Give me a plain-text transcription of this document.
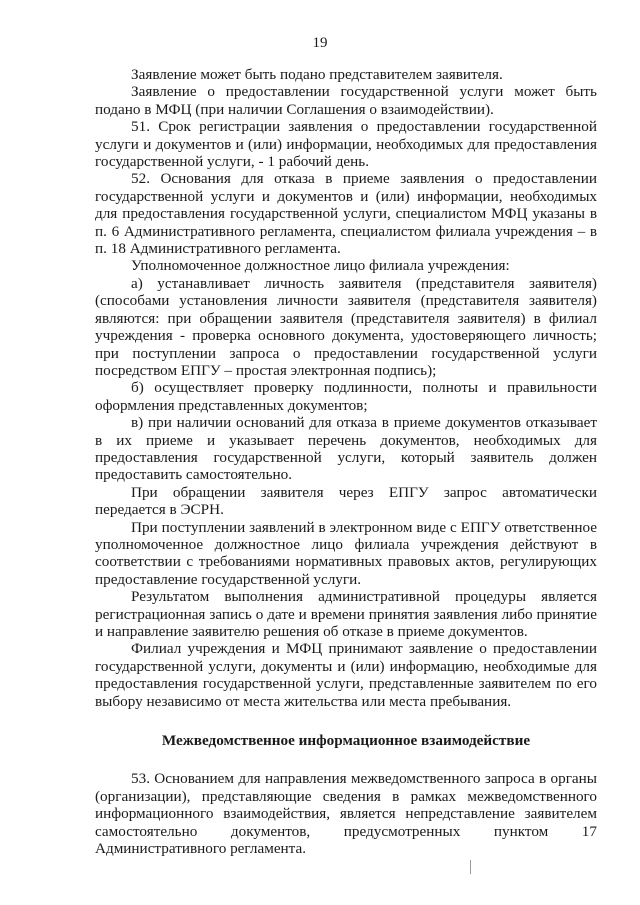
19

Заявление может быть подано представителем заявителя.

Заявление о предоставлении государственной услуги может быть подано в МФЦ (при наличии Соглашения о взаимодействии).

51. Срок регистрации заявления о предоставлении государственной услуги и документов и (или) информации, необходимых для предоставления государственной услуги, - 1 рабочий день.

52. Основания для отказа в приеме заявления о предоставлении государственной услуги и документов и (или) информации, необходимых для предоставления государственной услуги, специалистом МФЦ указаны в п. 6 Административного регламента, специалистом филиала учреждения – в п. 18 Административного регламента.

Уполномоченное должностное лицо филиала учреждения:

а) устанавливает личность заявителя (представителя заявителя) (способами установления личности заявителя (представителя заявителя) являются: при обращении заявителя (представителя заявителя) в филиал учреждения - проверка основного документа, удостоверяющего личность; при поступлении запроса о предоставлении государственной услуги посредством ЕПГУ – простая электронная подпись);

б) осуществляет проверку подлинности, полноты и правильности оформления представленных документов;

в) при наличии оснований для отказа в приеме документов отказывает в их приеме и указывает перечень документов, необходимых для предоставления государственной услуги, который заявитель должен предоставить самостоятельно.

При обращении заявителя через ЕПГУ запрос автоматически передается в ЭСРН.

При поступлении заявлений в электронном виде с ЕПГУ ответственное уполномоченное должностное лицо филиала учреждения действуют в соответствии с требованиями нормативных правовых актов, регулирующих предоставление государственной услуги.

Результатом выполнения административной процедуры является регистрационная запись о дате и времени принятия заявления либо принятие и направление заявителю решения об отказе в приеме документов.

Филиал учреждения и МФЦ принимают заявление о предоставлении государственной услуги, документы и (или) информацию, необходимые для предоставления государственной услуги, представленные заявителем по его выбору независимо от места жительства или места пребывания.

Межведомственное информационное взаимодействие

53. Основанием для направления межведомственного запроса в органы (организации), представляющие сведения в рамках межведомственного информационного взаимодействия, является непредставление заявителем самостоятельно документов, предусмотренных пунктом 17 Административного регламента.
